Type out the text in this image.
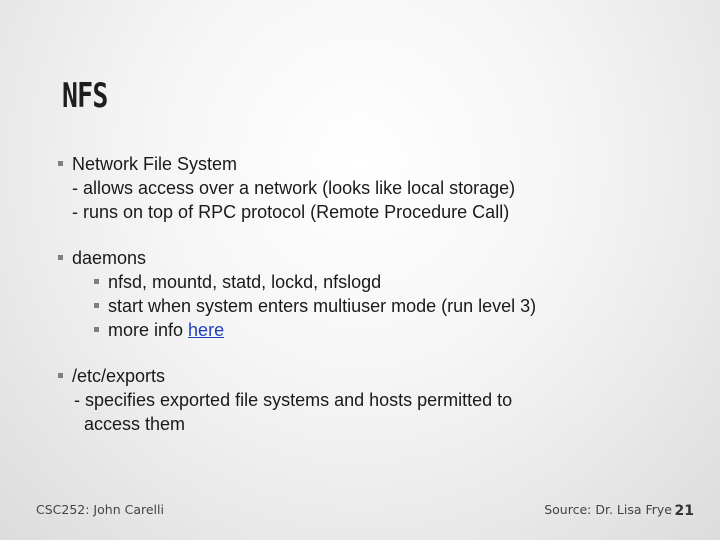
NFS
Network File System
- allows access over a network (looks like local storage)
- runs on top of RPC protocol (Remote Procedure Call)
daemons
nfsd, mountd, statd, lockd, nfslogd
start when system enters multiuser mode (run level 3)
more info here
/etc/exports
- specifies exported file systems and hosts permitted to
access them
CSC252: John Carelli	Source: Dr. Lisa Frye 21
